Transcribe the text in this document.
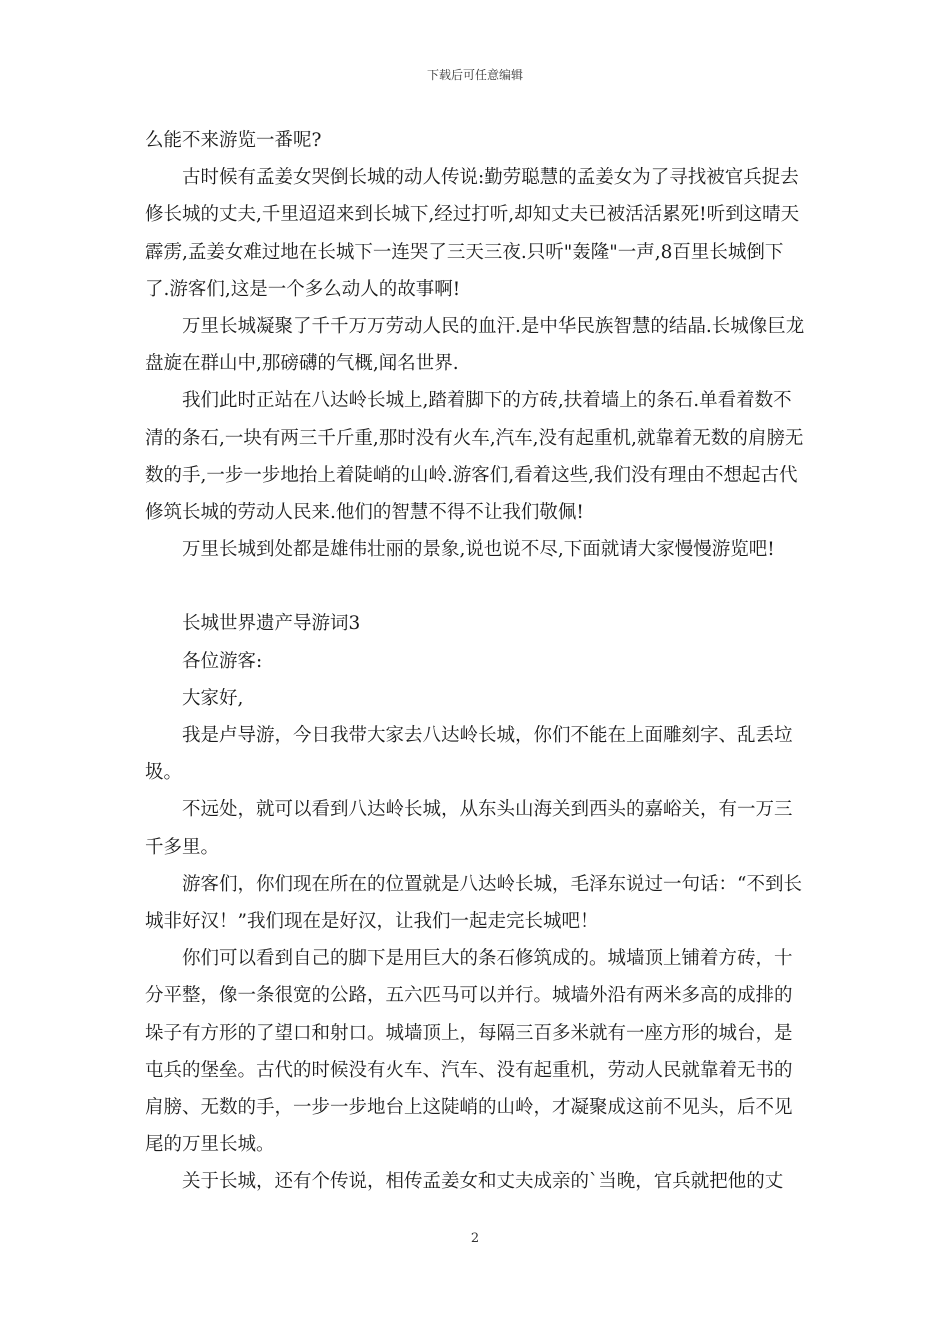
下载后可任意编辑

么能不来游览一番呢?

古时候有孟姜女哭倒长城的动人传说:勤劳聪慧的孟姜女为了寻找被官兵捉去修长城的丈夫,千里迢迢来到长城下,经过打听,却知丈夫已被活活累死!听到这晴天霹雳,孟姜女难过地在长城下一连哭了三天三夜.只听"轰隆"一声,8百里长城倒下了.游客们,这是一个多么动人的故事啊!

万里长城凝聚了千千万万劳动人民的血汗.是中华民族智慧的结晶.长城像巨龙盘旋在群山中,那磅礴的气概,闻名世界.

我们此时正站在八达岭长城上,踏着脚下的方砖,扶着墙上的条石.单看着数不清的条石,一块有两三千斤重,那时没有火车,汽车,没有起重机,就靠着无数的肩膀无数的手,一步一步地抬上着陡峭的山岭.游客们,看着这些,我们没有理由不想起古代修筑长城的劳动人民来.他们的智慧不得不让我们敬佩!

万里长城到处都是雄伟壮丽的景象,说也说不尽,下面就请大家慢慢游览吧!

长城世界遗产导游词3

各位游客:

大家好,

我是卢导游，今日我带大家去八达岭长城，你们不能在上面雕刻字、乱丢垃圾。

不远处，就可以看到八达岭长城，从东头山海关到西头的嘉峪关，有一万三千多里。

游客们，你们现在所在的位置就是八达岭长城，毛泽东说过一句话：“不到长城非好汉！”我们现在是好汉，让我们一起走完长城吧！

你们可以看到自己的脚下是用巨大的条石修筑成的。城墙顶上铺着方砖，十分平整，像一条很宽的公路，五六匹马可以并行。城墙外沿有两米多高的成排的垛子有方形的了望口和射口。城墙顶上，每隔三百多米就有一座方形的城台，是屯兵的堡垒。古代的时候没有火车、汽车、没有起重机，劳动人民就靠着无书的肩膀、无数的手，一步一步地台上这陡峭的山岭，才凝聚成这前不见头，后不见尾的万里长城。

关于长城，还有个传说，相传孟姜女和丈夫成亲的`当晚，官兵就把他的丈

2
